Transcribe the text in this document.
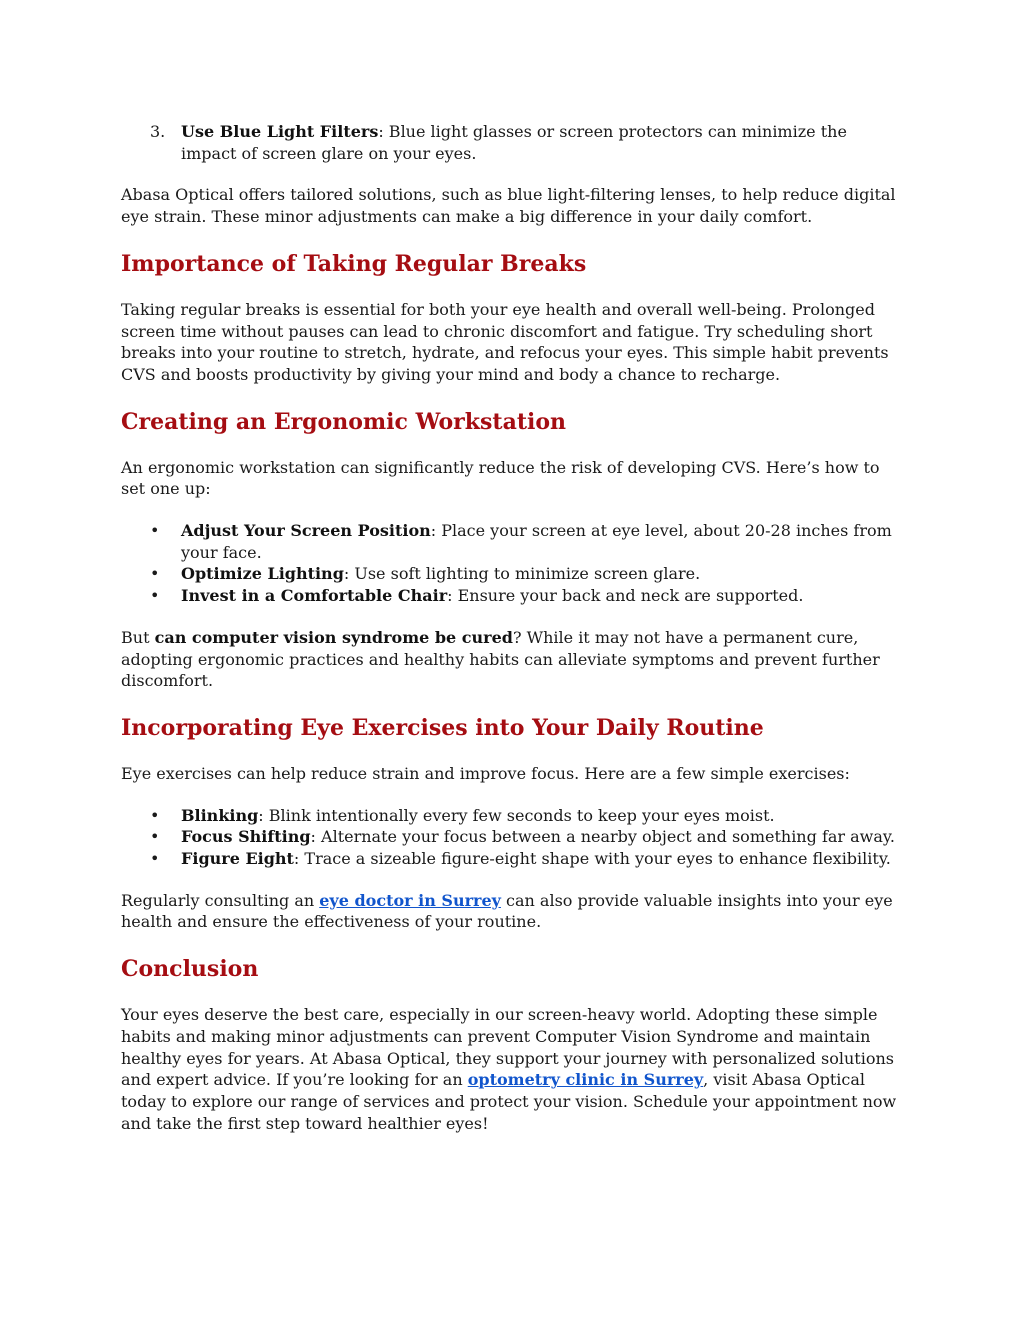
3. Use Blue Light Filters: Blue light glasses or screen protectors can minimize the impact of screen glare on your eyes.

Abasa Optical offers tailored solutions, such as blue light-filtering lenses, to help reduce digital eye strain. These minor adjustments can make a big difference in your daily comfort.

Importance of Taking Regular Breaks

Taking regular breaks is essential for both your eye health and overall well-being. Prolonged screen time without pauses can lead to chronic discomfort and fatigue. Try scheduling short breaks into your routine to stretch, hydrate, and refocus your eyes. This simple habit prevents CVS and boosts productivity by giving your mind and body a chance to recharge.

Creating an Ergonomic Workstation

An ergonomic workstation can significantly reduce the risk of developing CVS. Here’s how to set one up:

• Adjust Your Screen Position: Place your screen at eye level, about 20-28 inches from your face.
• Optimize Lighting: Use soft lighting to minimize screen glare.
• Invest in a Comfortable Chair: Ensure your back and neck are supported.

But can computer vision syndrome be cured? While it may not have a permanent cure, adopting ergonomic practices and healthy habits can alleviate symptoms and prevent further discomfort.

Incorporating Eye Exercises into Your Daily Routine

Eye exercises can help reduce strain and improve focus. Here are a few simple exercises:

• Blinking: Blink intentionally every few seconds to keep your eyes moist.
• Focus Shifting: Alternate your focus between a nearby object and something far away.
• Figure Eight: Trace a sizeable figure-eight shape with your eyes to enhance flexibility.

Regularly consulting an eye doctor in Surrey can also provide valuable insights into your eye health and ensure the effectiveness of your routine.

Conclusion

Your eyes deserve the best care, especially in our screen-heavy world. Adopting these simple habits and making minor adjustments can prevent Computer Vision Syndrome and maintain healthy eyes for years. At Abasa Optical, they support your journey with personalized solutions and expert advice. If you’re looking for an optometry clinic in Surrey, visit Abasa Optical today to explore our range of services and protect your vision. Schedule your appointment now and take the first step toward healthier eyes!
